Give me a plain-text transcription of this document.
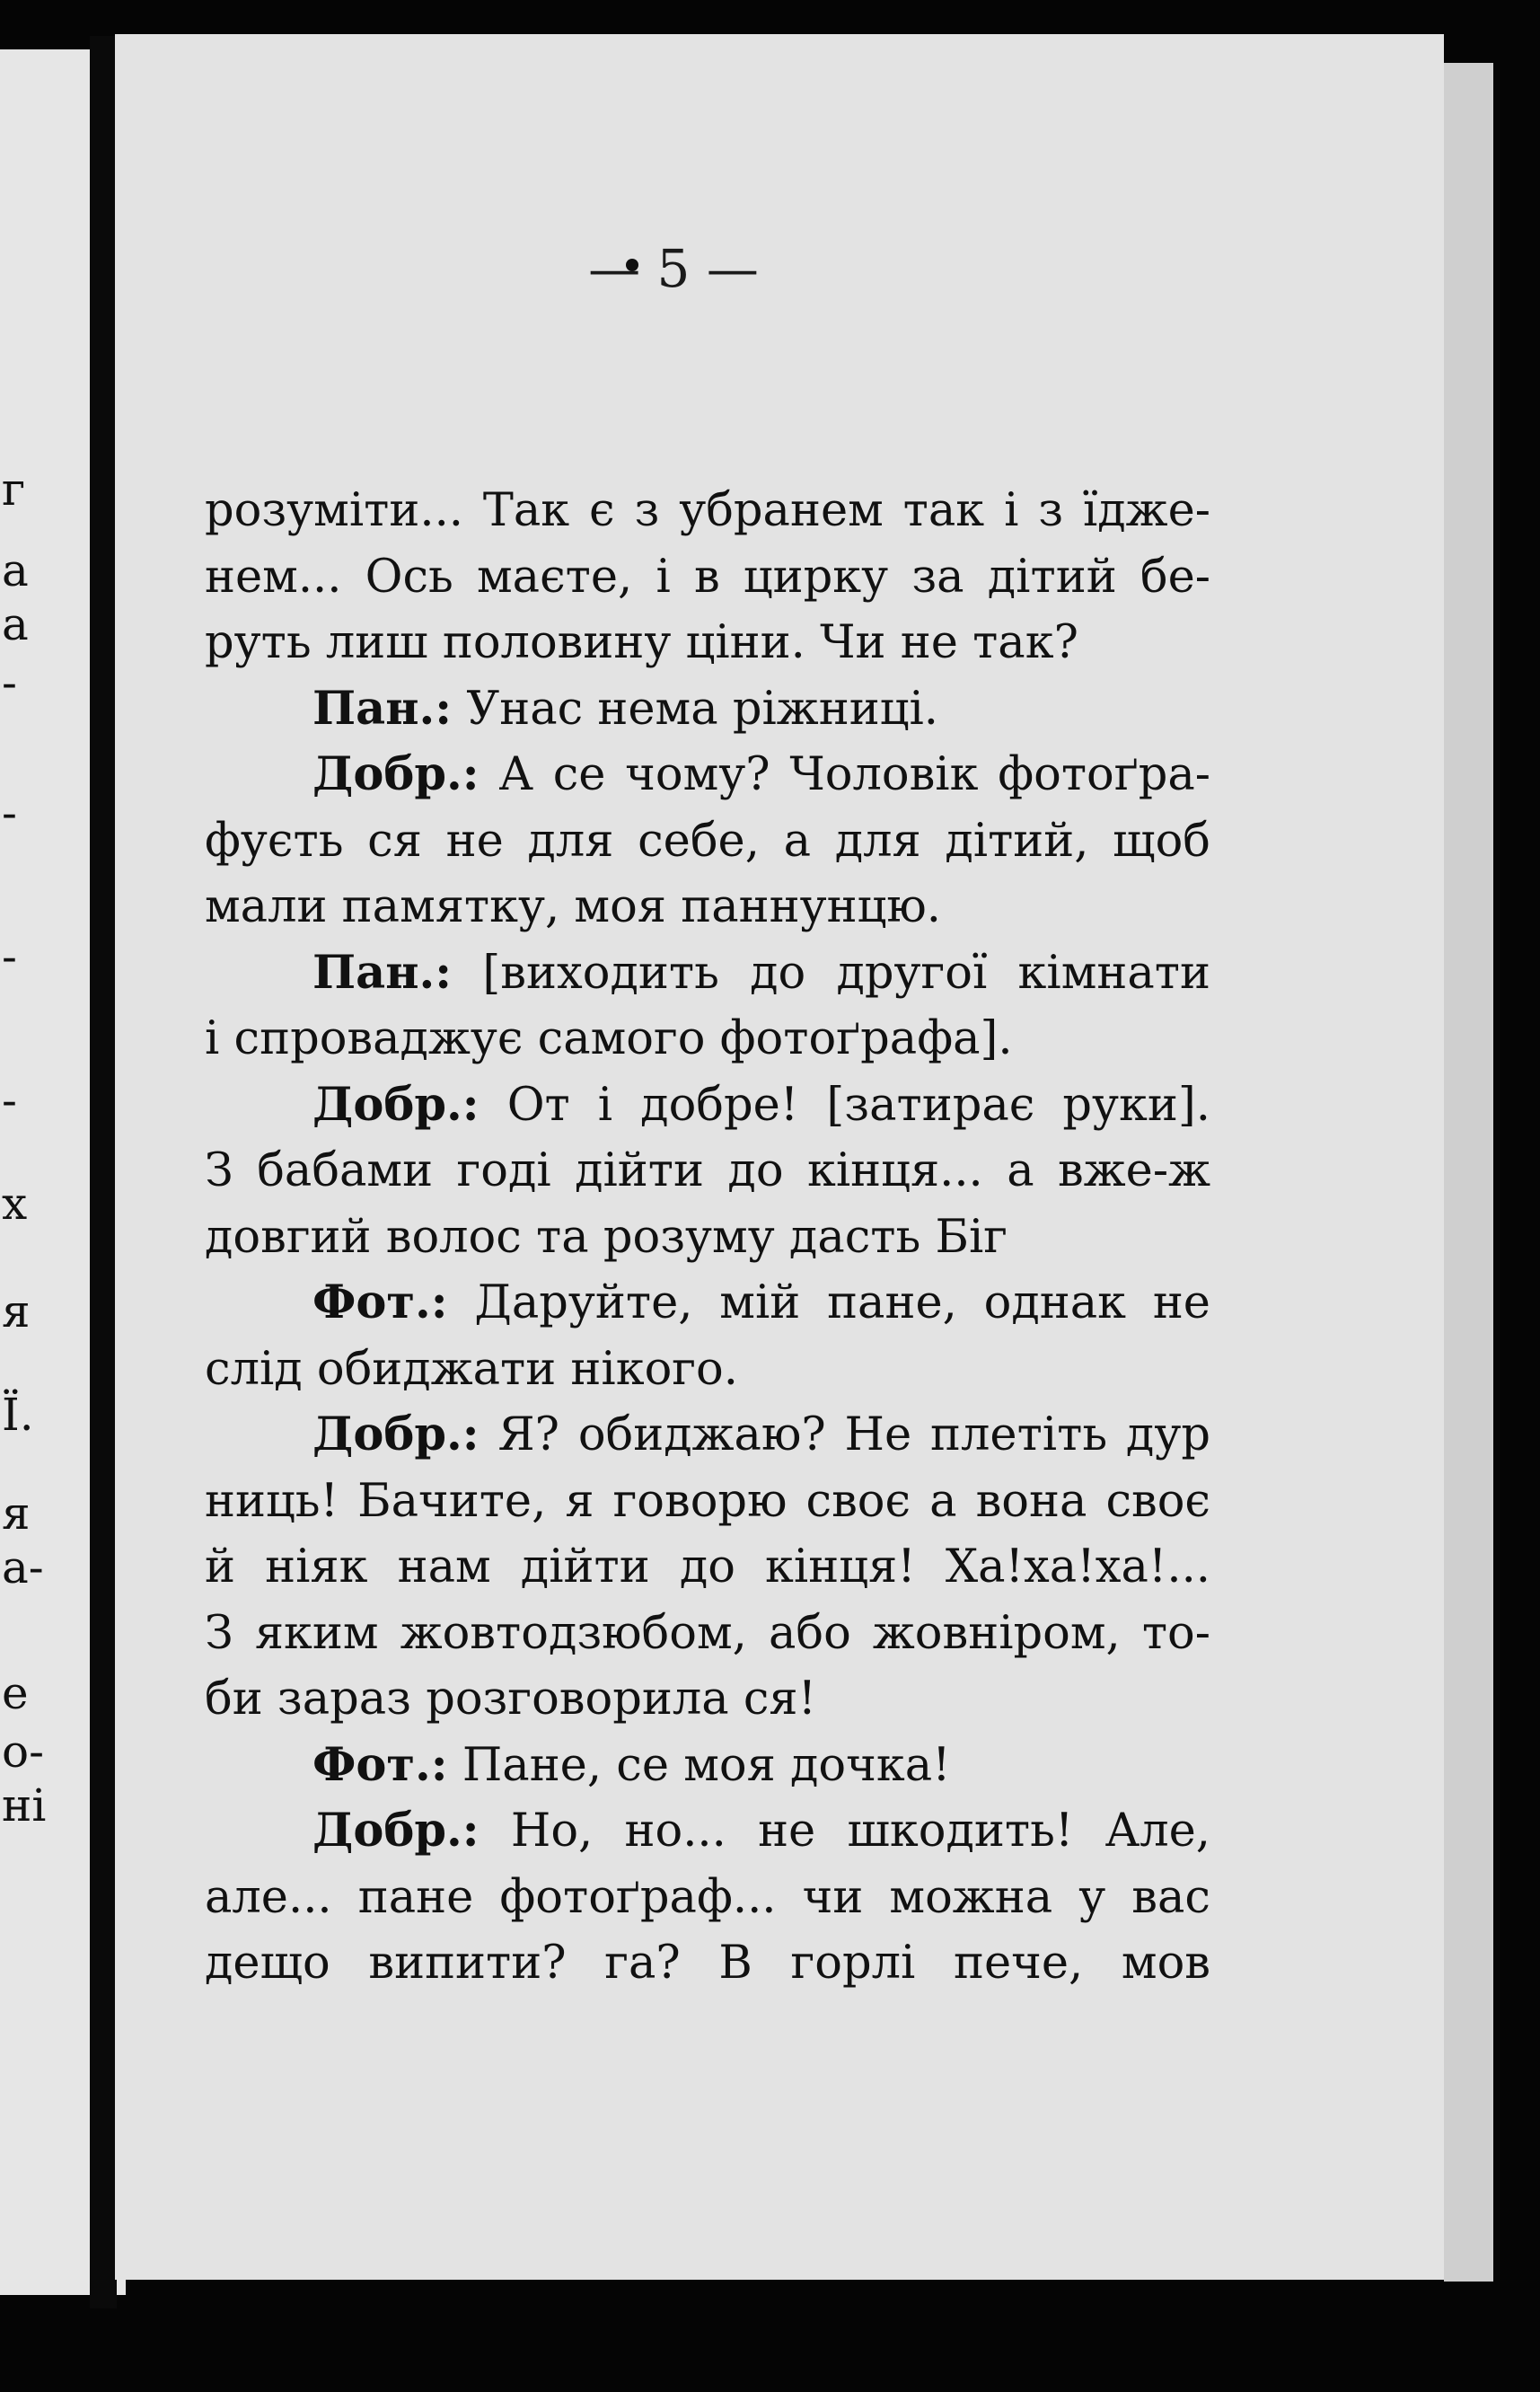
г
a
a
-
-
-
-
x
я
Ї.
я
а-
е
о-
ні
— 5 —
розуміти... Так є з убранем так і з їдже-
нем... Ось маєте, і в цирку за дітий бе-
руть лиш половину ціни. Чи не так?
Пан.: Унас нема ріжниці.
Добр.: А се чому? Чоловік фотоґра-
фуєть ся не для себе, а для дітий, щоб
мали памятку, моя паннунцю.
Пан.: [виходить до другої кімнати
і спроваджує самого фотоґрафа].
Добр.: От і добре! [затирає руки].
З бабами годі дійти до кінця... а вже-ж
довгий волос та розуму дасть Біг
Фот.: Даруйте, мій пане, однак не
слід обиджати нікого.
Добр.: Я? обиджаю? Не плетіть дур
ниць! Бачите, я говорю своє а вона своє
й ніяк нам дійти до кінця! Ха!ха!ха!...
З яким жовтодзюбом, або жовніром, то-
би зараз розговорила ся!
Фот.: Пане, се моя дочка!
Добр.: Но, но... не шкодить! Але,
але... пане фотоґраф... чи можна у вас
дещо випити? га? В горлі пече, мов
